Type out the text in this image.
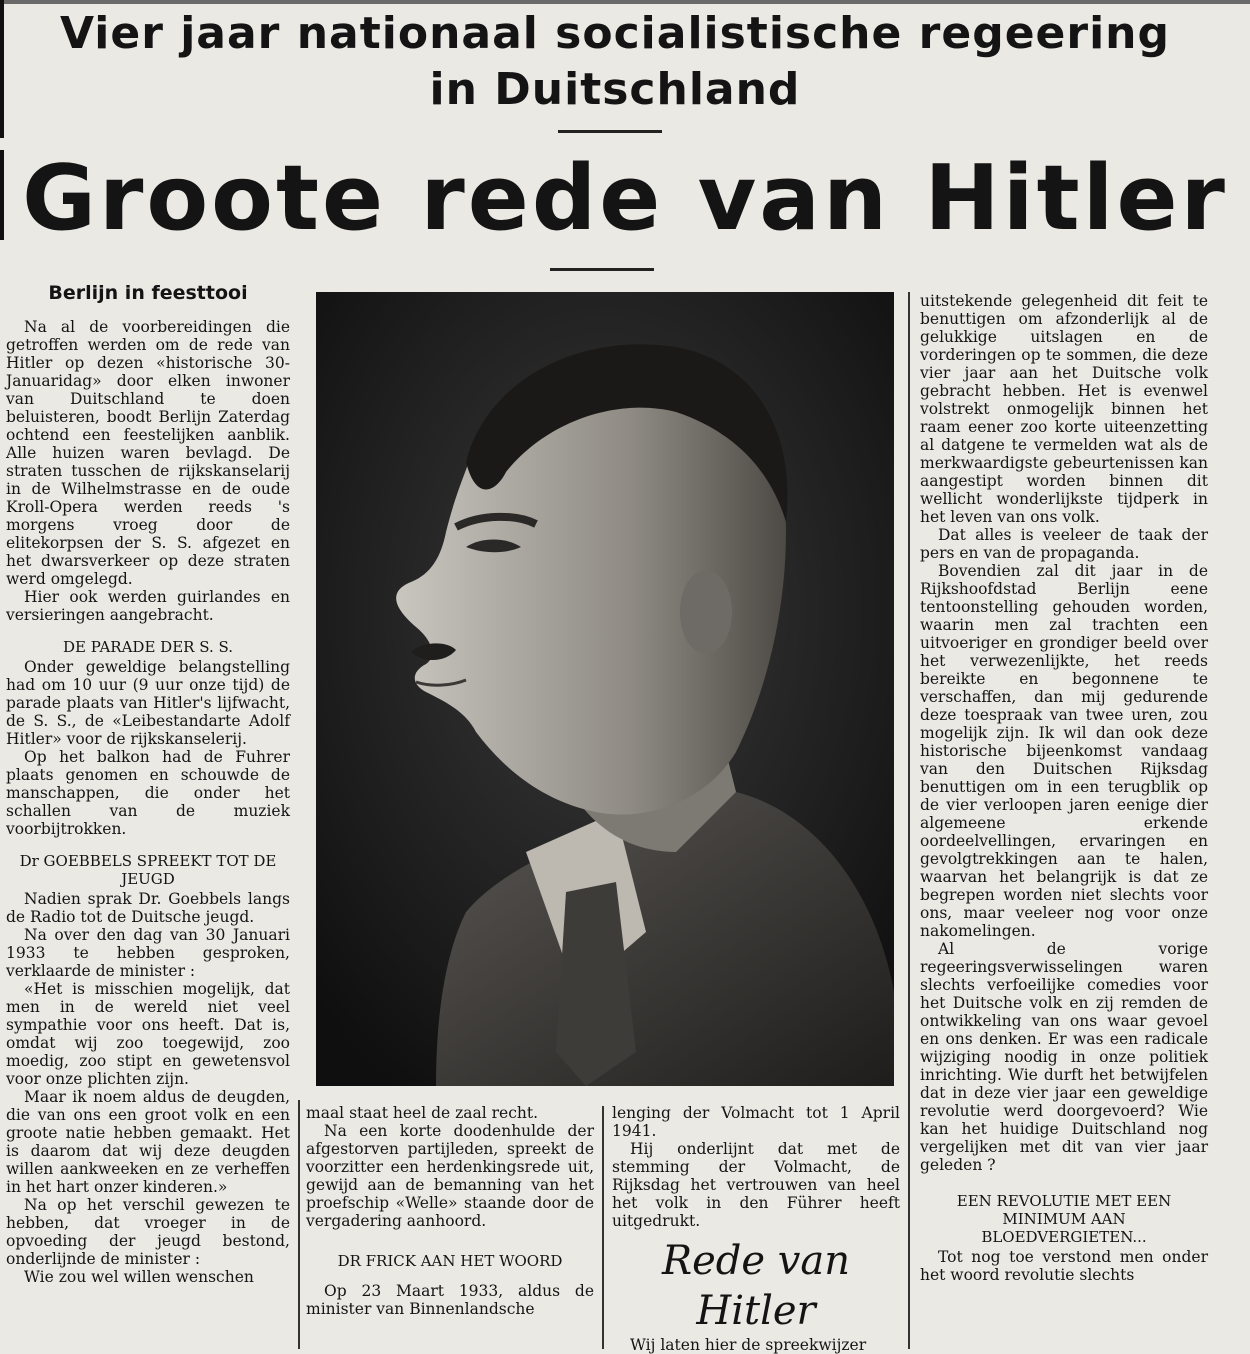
Vier jaar nationaal socialistische regeering
in Duitschland
Groote rede van Hitler
Berlijn in feesttooi

Na al de voorbereidingen die getroffen werden om de rede van Hitler op dezen «historische 30-Januaridag» door elken inwoner van Duitschland te doen beluisteren, boodt Berlijn Zaterdag ochtend een feestelijken aanblik. Alle huizen waren bevlagd. De straten tusschen de rijkskanselarij in de Wilhelmstrasse en de oude Kroll-Opera werden reeds 's morgens vroeg door de elitekorpsen der S. S. afgezet en het dwarsverkeer op deze straten werd omgelegd.

Hier ook werden guirlandes en versieringen aangebracht.

DE PARADE DER S. S.

Onder geweldige belangstelling had om 10 uur (9 uur onze tijd) de parade plaats van Hitler's lijfwacht, de S. S., de «Leibestandarte Adolf Hitler» voor de rijkskanselerij.

Op het balkon had de Fuhrer plaats genomen en schouwde de manschappen, die onder het schallen van de muziek voorbijtrokken.

Dr GOEBBELS SPREEKT TOT DE JEUGD

Nadien sprak Dr. Goebbels langs de Radio tot de Duitsche jeugd.

Na over den dag van 30 Januari 1933 te hebben gesproken, verklaarde de minister :

«Het is misschien mogelijk, dat men in de wereld niet veel sympathie voor ons heeft. Dat is, omdat wij zoo toegewijd, zoo moedig, zoo stipt en gewetensvol voor onze plichten zijn.

Maar ik noem aldus de deugden, die van ons een groot volk en een groote natie hebben gemaakt. Het is daarom dat wij deze deugden willen aankweeken en ze verheffen in het hart onzer kinderen.»

Na op het verschil gewezen te hebben, dat vroeger in de opvoeding der jeugd bestond, onderlijnde de minister :

Wie zou wel willen wenschen

maal staat heel de zaal recht.

Na een korte doodenhulde der afgestorven partijleden, spreekt de voorzitter een herdenkingsrede uit, gewijd aan de bemanning van het proefschip «Welle» staande door de vergadering aanhoord.

DR FRICK AAN HET WOORD

Op 23 Maart 1933, aldus de minister van Binnenlandsche

lenging der Volmacht tot 1 April 1941.

Hij onderlijnt dat met de stemming der Volmacht, de Rijksdag het vertrouwen van heel het volk in den Führer heeft uitgedrukt.

Rede van Hitler

Wij laten hier de spreekwijzer

uitstekende gelegenheid dit feit te benuttigen om afzonderlijk al de gelukkige uitslagen en de vorderingen op te sommen, die deze vier jaar aan het Duitsche volk gebracht hebben. Het is evenwel volstrekt onmogelijk binnen het raam eener zoo korte uiteenzetting al datgene te vermelden wat als de merkwaardigste gebeurtenissen kan aangestipt worden binnen dit wellicht wonderlijkste tijdperk in het leven van ons volk.

Dat alles is veeleer de taak der pers en van de propaganda.

Bovendien zal dit jaar in de Rijkshoofdstad Berlijn eene tentoonstelling gehouden worden, waarin men zal trachten een uitvoeriger en grondiger beeld over het verwezenlijkte, het reeds bereikte en begonnene te verschaffen, dan mij gedurende deze toespraak van twee uren, zou mogelijk zijn. Ik wil dan ook deze historische bijeenkomst vandaag van den Duitschen Rijksdag benuttigen om in een terugblik op de vier verloopen jaren eenige dier algemeene erkende oordeelvellingen, ervaringen en gevolgtrekkingen aan te halen, waarvan het belangrijk is dat ze begrepen worden niet slechts voor ons, maar veeleer nog voor onze nakomelingen.

Al de vorige regeeringsverwisselingen waren slechts verfoeilijke comedies voor het Duitsche volk en zij remden de ontwikkeling van ons waar gevoel en ons denken. Er was een radicale wijziging noodig in onze politiek inrichting. Wie durft het betwijfelen dat in deze vier jaar een geweldige revolutie werd doorgevoerd? Wie kan het huidige Duitschland nog vergelijken met dit van vier jaar geleden ?

EEN REVOLUTIE MET EEN MINIMUM AAN BLOEDVERGIETEN...

Tot nog toe verstond men onder het woord revolutie slechts
